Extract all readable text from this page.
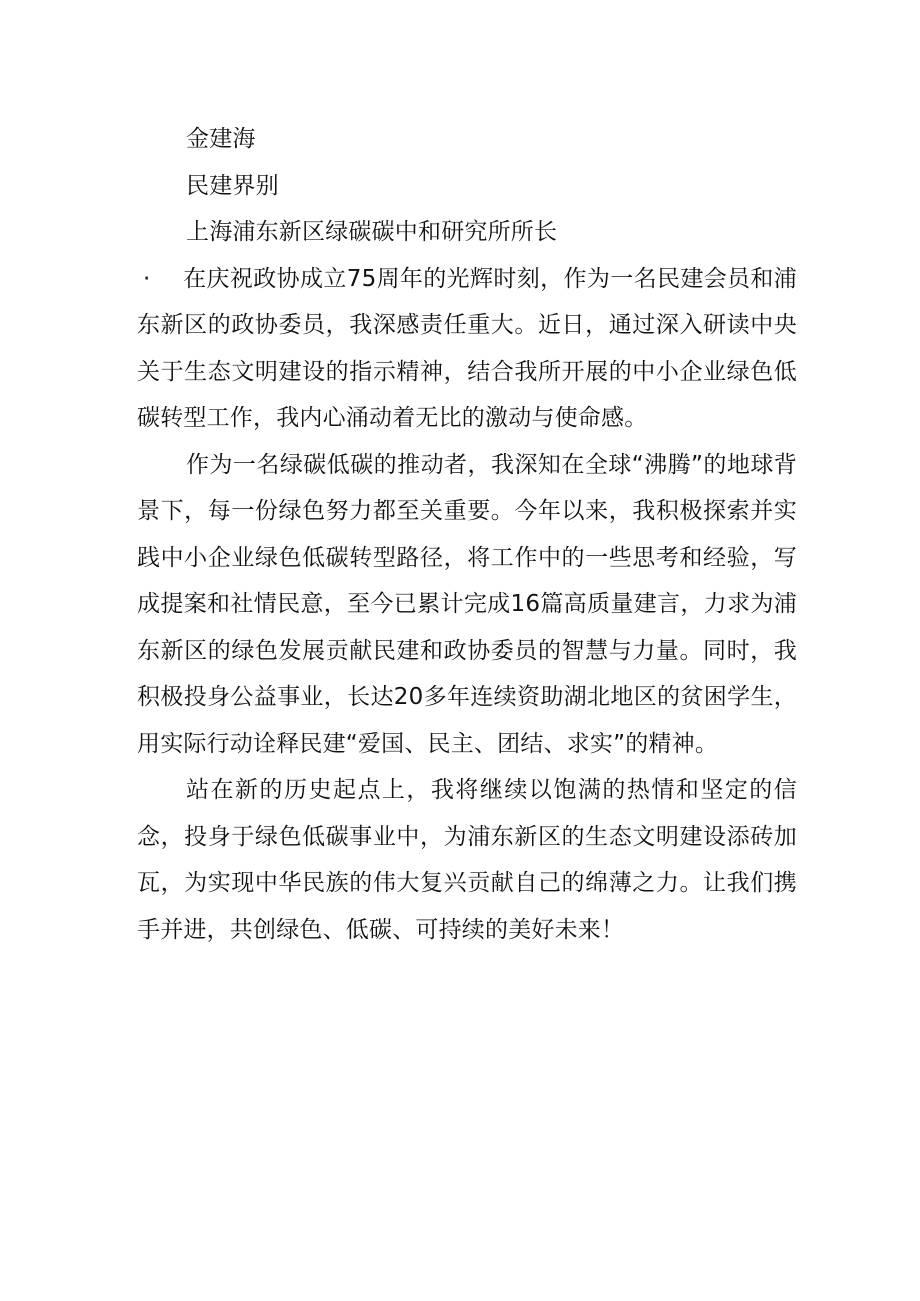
金建海

民建界别

上海浦东新区绿碳碳中和研究所所长

· 在庆祝政协成立75周年的光辉时刻，作为一名民建会员和浦东新区的政协委员，我深感责任重大。近日，通过深入研读中央关于生态文明建设的指示精神，结合我所开展的中小企业绿色低碳转型工作，我内心涌动着无比的激动与使命感。

作为一名绿碳低碳的推动者，我深知在全球“沸腾”的地球背景下，每一份绿色努力都至关重要。今年以来，我积极探索并实践中小企业绿色低碳转型路径，将工作中的一些思考和经验，写成提案和社情民意，至今已累计完成16篇高质量建言，力求为浦东新区的绿色发展贡献民建和政协委员的智慧与力量。同时，我积极投身公益事业，长达20多年连续资助湖北地区的贫困学生，用实际行动诠释民建“爱国、民主、团结、求实”的精神。

站在新的历史起点上，我将继续以饱满的热情和坚定的信念，投身于绿色低碳事业中，为浦东新区的生态文明建设添砖加瓦，为实现中华民族的伟大复兴贡献自己的绵薄之力。让我们携手并进，共创绿色、低碳、可持续的美好未来！
